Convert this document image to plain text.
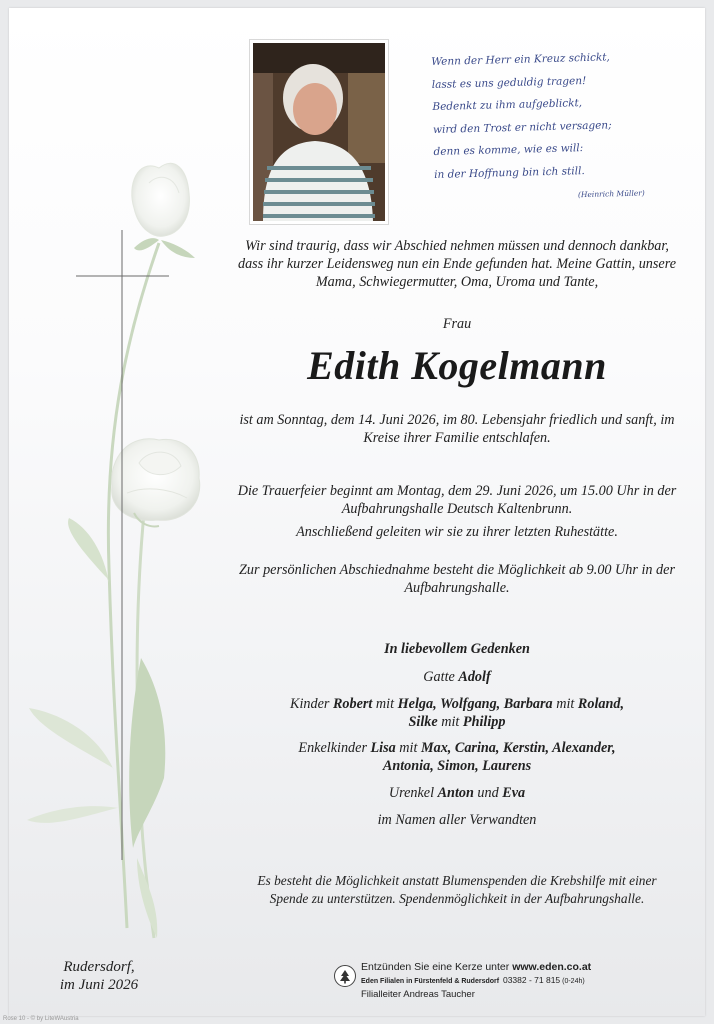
Wenn der Herr ein Kreuz schickt,
lasst es uns geduldig tragen!
Bedenkt zu ihm aufgeblickt,
wird den Trost er nicht versagen;
denn es komme, wie es will:
in der Hoffnung bin ich still.
(Heinrich Müller)
Wir sind traurig, dass wir Abschied nehmen müssen und dennoch dankbar, dass ihr kurzer Leidensweg nun ein Ende gefunden hat. Meine Gattin, unsere Mama, Schwiegermutter, Oma, Uroma und Tante,
Frau
Edith Kogelmann
ist am Sonntag, dem 14. Juni 2026, im 80. Lebensjahr friedlich und sanft, im Kreise ihrer Familie entschlafen.
Die Trauerfeier beginnt am Montag, dem 29. Juni 2026, um 15.00 Uhr in der Aufbahrungshalle Deutsch Kaltenbrunn.
Anschließend geleiten wir sie zu ihrer letzten Ruhestätte.
Zur persönlichen Abschiednahme besteht die Möglichkeit ab 9.00 Uhr in der Aufbahrungshalle.
In liebevollem Gedenken
Gatte Adolf
Kinder Robert mit Helga, Wolfgang, Barbara mit Roland,
Silke mit Philipp
Enkelkinder Lisa mit Max, Carina, Kerstin, Alexander,
Antonia, Simon, Laurens
Urenkel Anton und Eva
im Namen aller Verwandten
Es besteht die Möglichkeit anstatt Blumenspenden die Krebshilfe mit einer Spende zu unterstützen. Spendenmöglichkeit in der Aufbahrungshalle.
Rudersdorf,
im Juni 2026
Entzünden Sie eine Kerze unter www.eden.co.at
Eden Filialen in Fürstenfeld & Rudersdorf 03382 - 71 815 (0-24h)
Filialleiter Andreas Taucher
Rose 10 - © by LiteWAustria
